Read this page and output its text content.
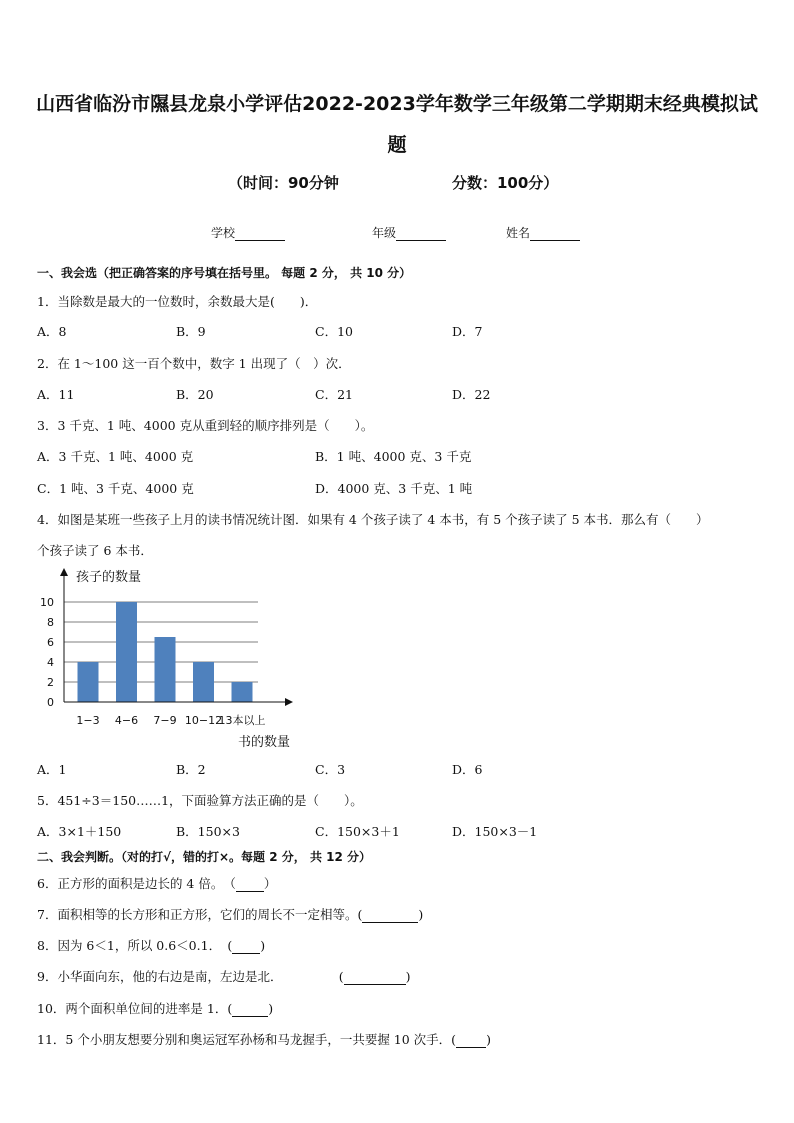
山西省临汾市隰县龙泉小学评估2022-2023学年数学三年级第二学期期末经典模拟试
题
（时间：90分钟	分数：100分）
学校	年级	姓名
一、我会选（把正确答案的序号填在括号里。 每题 2 分， 共 10 分）
1．当除数是最大的一位数时，余数最大是(　　)．
A．8	B．9	C．10	D．7
2．在 1～100 这一百个数中，数字 1 出现了（　）次．
A．11	B．20	C．21	D．22
3．3 千克、1 吨、4000 克从重到轻的顺序排列是（　　）。
A．3 千克、1 吨、4000 克	B．1 吨、4000 克、3 千克
C．1 吨、3 千克、4000 克	D．4000 克、3 千克、1 吨
4．如图是某班一些孩子上月的读书情况统计图．如果有 4 个孩子读了 4 本书，有 5 个孩子读了 5 本书．那么有（　　）
个孩子读了 6 本书．
0
2
4
6
8
10
1−3 4−6 7−9 10−12
13本以上
孩子的数量
书的数量
A．1	B．2	C．3	D．6
5．451÷3＝150……1，下面验算方法正确的是（　　）。
A．3×1＋150	B．150×3	C．150×3＋1	D．150×3－1
二、我会判断。（对的打√，错的打×。每题 2 分， 共 12 分）
6．正方形的面积是边长的 4 倍。　（ ）
7．面积相等的长方形和正方形，它们的周长不一定相等。(	)
8．因为 6＜1，所以 0.6＜0.1．　( )
9．小华面向东，他的右边是南，左边是北．　　　　　(	)
10．两个面积单位间的进率是 1．(	)
11．5 个小朋友想要分别和奥运冠军孙杨和马龙握手，一共要握 10 次手．( )
